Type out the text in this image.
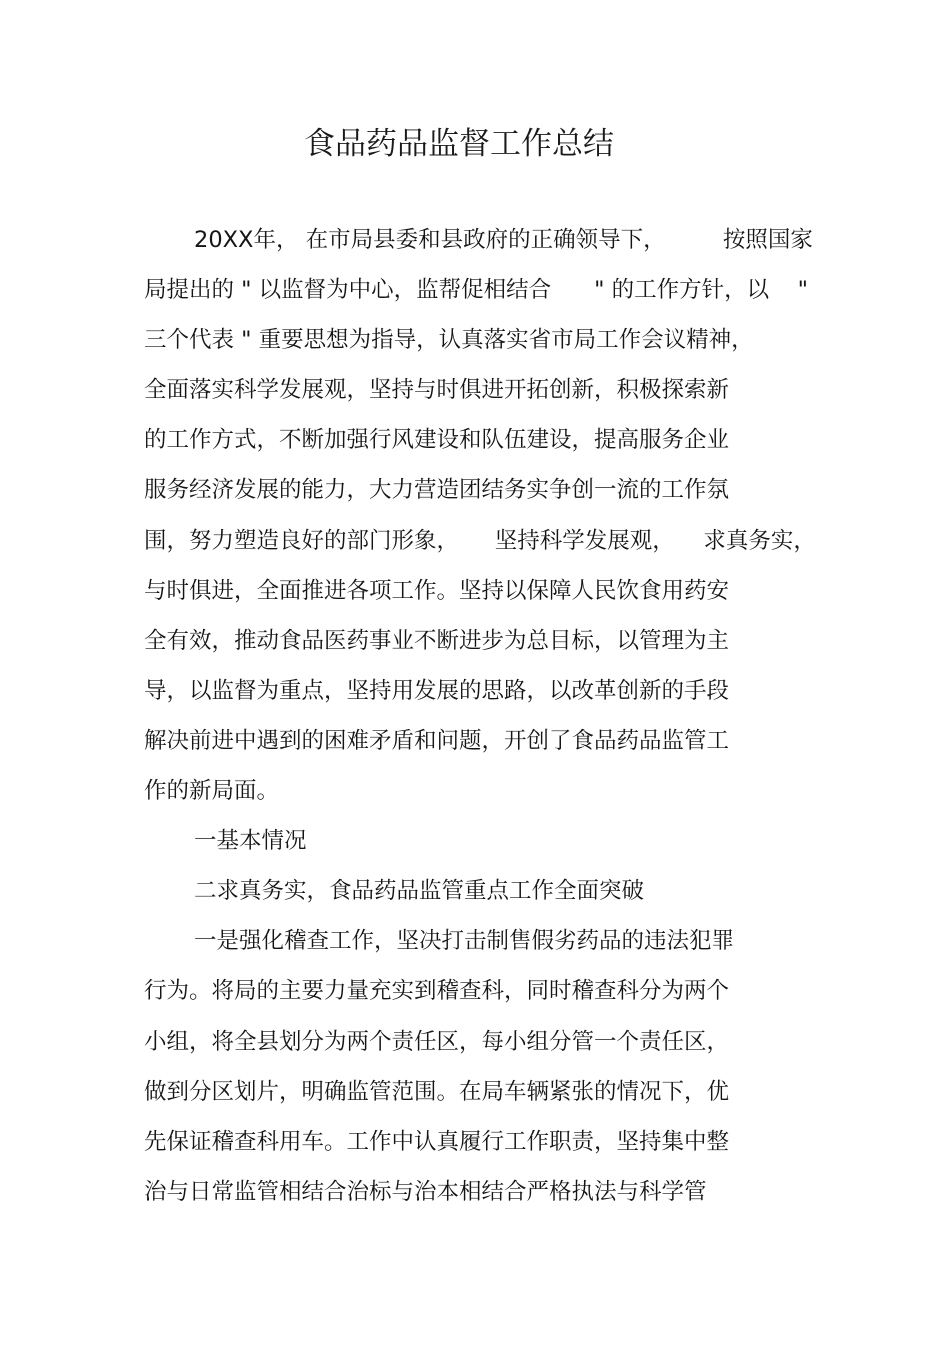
食品药品监督工作总结
20XX年， 在市局县委和县政府的正确领导下，        按照国家
局提出的 " 以监督为中心，监帮促相结合      " 的工作方针，以    "
三个代表 " 重要思想为指导，认真落实省市局工作会议精神，
全面落实科学发展观，坚持与时俱进开拓创新，积极探索新
的工作方式，不断加强行风建设和队伍建设，提高服务企业
服务经济发展的能力，大力营造团结务实争创一流的工作氛
围，努力塑造良好的部门形象，     坚持科学发展观，    求真务实，
与时俱进，全面推进各项工作。坚持以保障人民饮食用药安
全有效，推动食品医药事业不断进步为总目标，以管理为主
导，以监督为重点，坚持用发展的思路，以改革创新的手段
解决前进中遇到的困难矛盾和问题，开创了食品药品监管工
作的新局面。
一基本情况
二求真务实，食品药品监管重点工作全面突破
一是强化稽查工作，坚决打击制售假劣药品的违法犯罪
行为。将局的主要力量充实到稽查科，同时稽查科分为两个
小组，将全县划分为两个责任区，每小组分管一个责任区，
做到分区划片，明确监管范围。在局车辆紧张的情况下，优
先保证稽查科用车。工作中认真履行工作职责，坚持集中整
治与日常监管相结合治标与治本相结合严格执法与科学管
